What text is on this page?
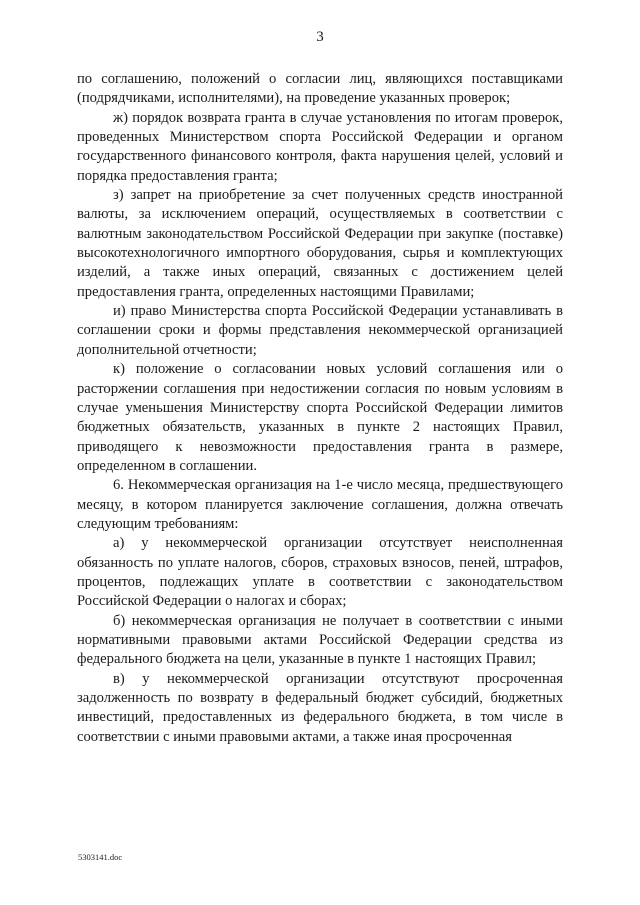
3

по соглашению, положений о согласии лиц, являющихся поставщиками (подрядчиками, исполнителями), на проведение указанных проверок;

ж) порядок возврата гранта в случае установления по итогам проверок, проведенных Министерством спорта Российской Федерации и органом государственного финансового контроля, факта нарушения целей, условий и порядка предоставления гранта;

з) запрет на приобретение за счет полученных средств иностранной валюты, за исключением операций, осуществляемых в соответствии с валютным законодательством Российской Федерации при закупке (поставке) высокотехнологичного импортного оборудования, сырья и комплектующих изделий, а также иных операций, связанных с достижением целей предоставления гранта, определенных настоящими Правилами;

и) право Министерства спорта Российской Федерации устанавливать в соглашении сроки и формы представления некоммерческой организацией дополнительной отчетности;

к) положение о согласовании новых условий соглашения или о расторжении соглашения при недостижении согласия по новым условиям в случае уменьшения Министерству спорта Российской Федерации лимитов бюджетных обязательств, указанных в пункте 2 настоящих Правил, приводящего к невозможности предоставления гранта в размере, определенном в соглашении.

6. Некоммерческая организация на 1-е число месяца, предшествующего месяцу, в котором планируется заключение соглашения, должна отвечать следующим требованиям:

а) у некоммерческой организации отсутствует неисполненная обязанность по уплате налогов, сборов, страховых взносов, пеней, штрафов, процентов, подлежащих уплате в соответствии с законодательством Российской Федерации о налогах и сборах;

б) некоммерческая организация не получает в соответствии с иными нормативными правовыми актами Российской Федерации средства из федерального бюджета на цели, указанные в пункте 1 настоящих Правил;

в) у некоммерческой организации отсутствуют просроченная задолженность по возврату в федеральный бюджет субсидий, бюджетных инвестиций, предоставленных из федерального бюджета, в том числе в соответствии с иными правовыми актами, а также иная просроченная

5303141.doc
